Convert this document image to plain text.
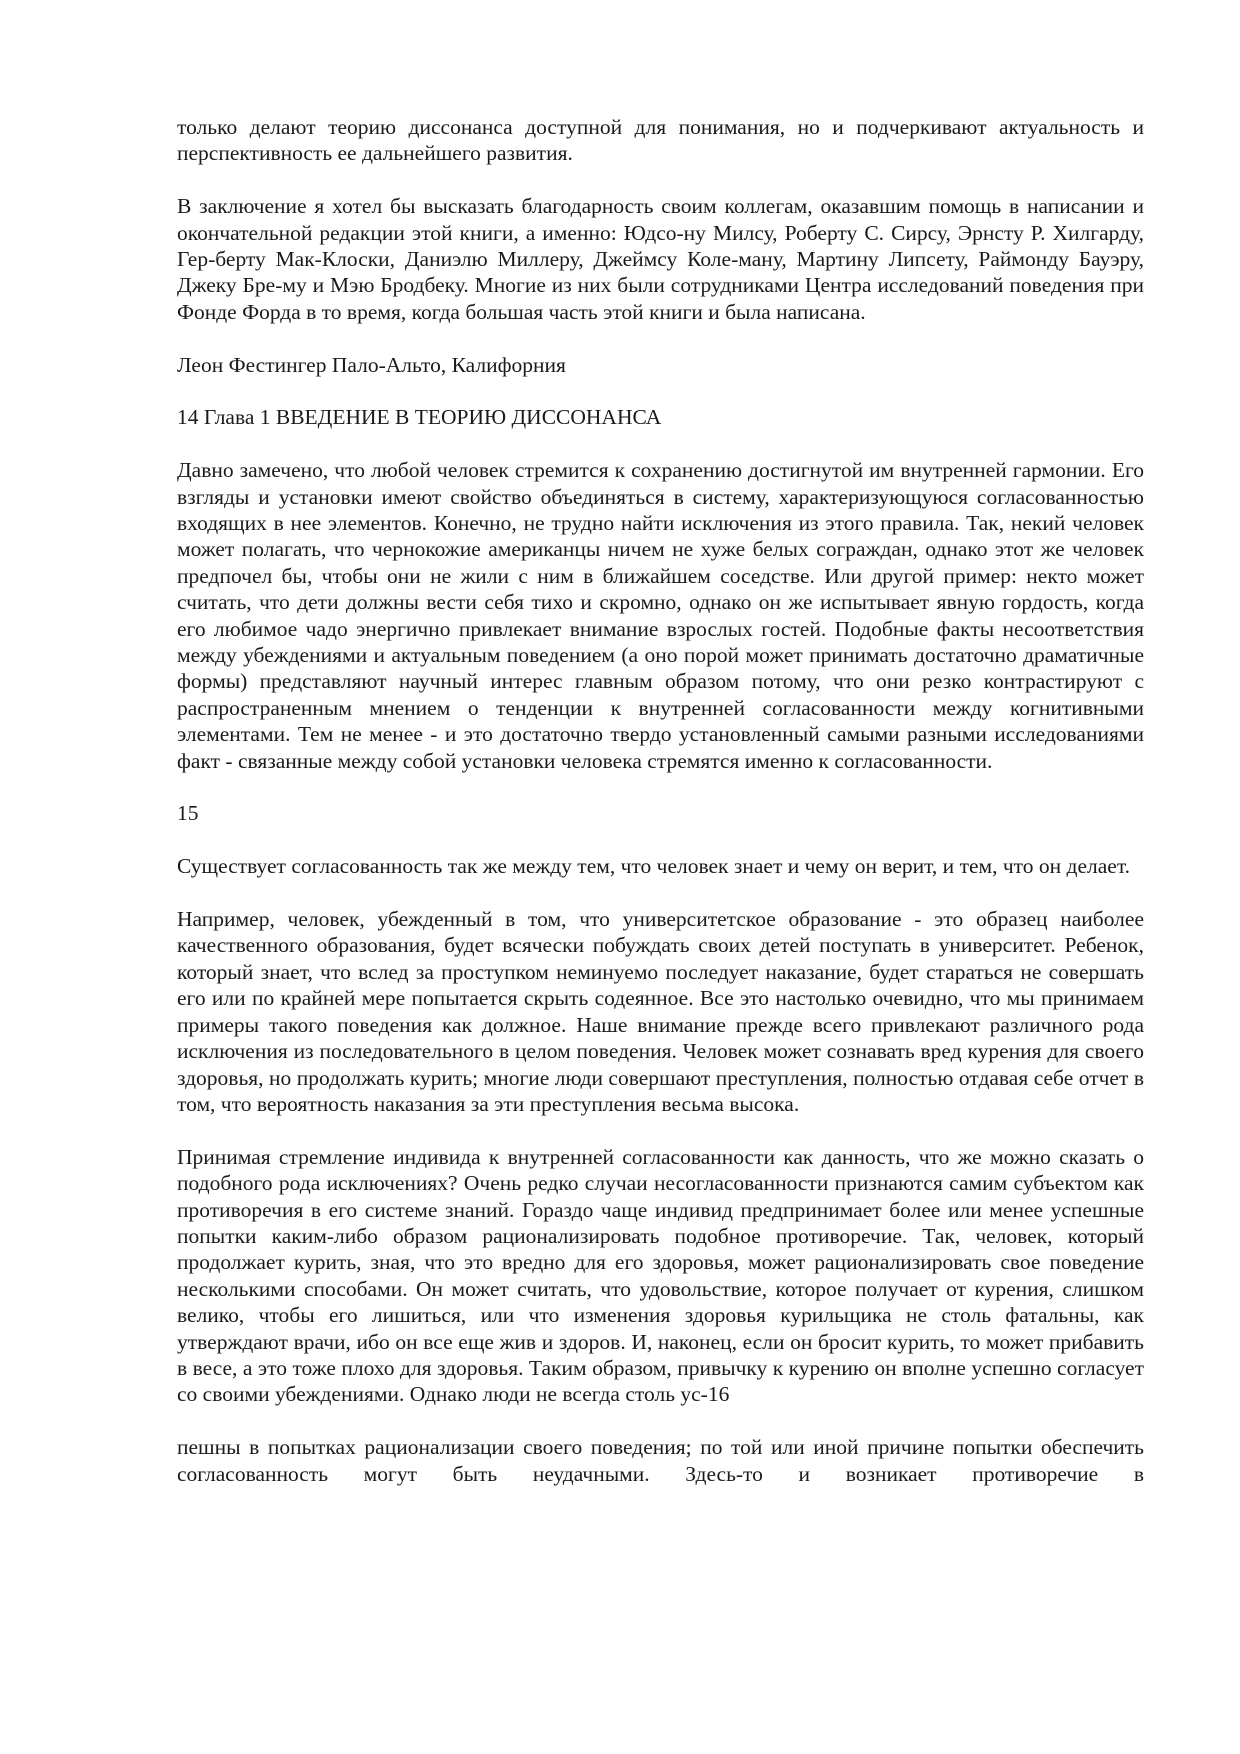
только делают теорию диссонанса доступной для понимания, но и подчеркивают актуальность и перспективность ее дальнейшего развития.

В заключение я хотел бы высказать благодарность своим коллегам, оказавшим помощь в написании и окончательной редакции этой книги, а именно: Юдсо-ну Милсу, Роберту С. Сирсу, Эрнсту Р. Хилгарду, Гер-берту Мак-Клоски, Даниэлю Миллеру, Джеймсу Коле-ману, Мартину Липсету, Раймонду Бауэру, Джеку Бре-му и Мэю Бродбеку. Многие из них были сотрудниками Центра исследований поведения при Фонде Форда в то время, когда большая часть этой книги и была написана.

Леон Фестингер Пало-Альто, Калифорния

14 Глава 1 ВВЕДЕНИЕ В ТЕОРИЮ ДИССОНАНСА

Давно замечено, что любой человек стремится к сохранению достигнутой им внутренней гармонии. Его взгляды и установки имеют свойство объединяться в систему, характеризующуюся согласованностью входящих в нее элементов. Конечно, не трудно найти исключения из этого правила. Так, некий человек может полагать, что чернокожие американцы ничем не хуже белых сограждан, однако этот же человек предпочел бы, чтобы они не жили с ним в ближайшем соседстве. Или другой пример: некто может считать, что дети должны вести себя тихо и скромно, однако он же испытывает явную гордость, когда его любимое чадо энергично привлекает внимание взрослых гостей. Подобные факты несоответствия между убеждениями и актуальным поведением (а оно порой может принимать достаточно драматичные формы) представляют научный интерес главным образом потому, что они резко контрастируют с распространенным мнением о тенденции к внутренней согласованности между когнитивными элементами. Тем не менее - и это достаточно твердо установленный самыми разными исследованиями факт - связанные между собой установки человека стремятся именно к согласованности.

15

Существует согласованность так же между тем, что человек знает и чему он верит, и тем, что он делает.

Например, человек, убежденный в том, что университетское образование - это образец наиболее качественного образования, будет всячески побуждать своих детей поступать в университет. Ребенок, который знает, что вслед за проступком неминуемо последует наказание, будет стараться не совершать его или по крайней мере попытается скрыть содеянное. Все это настолько очевидно, что мы принимаем примеры такого поведения как должное. Наше внимание прежде всего привлекают различного рода исключения из последовательного в целом поведения. Человек может сознавать вред курения для своего здоровья, но продолжать курить; многие люди совершают преступления, полностью отдавая себе отчет в том, что вероятность наказания за эти преступления весьма высока.

Принимая стремление индивида к внутренней согласованности как данность, что же можно сказать о подобного рода исключениях? Очень редко случаи несогласованности признаются самим субъектом как противоречия в его системе знаний. Гораздо чаще индивид предпринимает более или менее успешные попытки каким-либо образом рационализировать подобное противоречие. Так, человек, который продолжает курить, зная, что это вредно для его здоровья, может рационализировать свое поведение несколькими способами. Он может считать, что удовольствие, которое получает от курения, слишком велико, чтобы его лишиться, или что изменения здоровья курильщика не столь фатальны, как утверждают врачи, ибо он все еще жив и здоров. И, наконец, если он бросит курить, то может прибавить в весе, а это тоже плохо для здоровья. Таким образом, привычку к курению он вполне успешно согласует со своими убеждениями. Однако люди не всегда столь ус-16

пешны в попытках рационализации своего поведения; по той или иной причине попытки обеспечить согласованность могут быть неудачными. Здесь-то и возникает противоречие в
